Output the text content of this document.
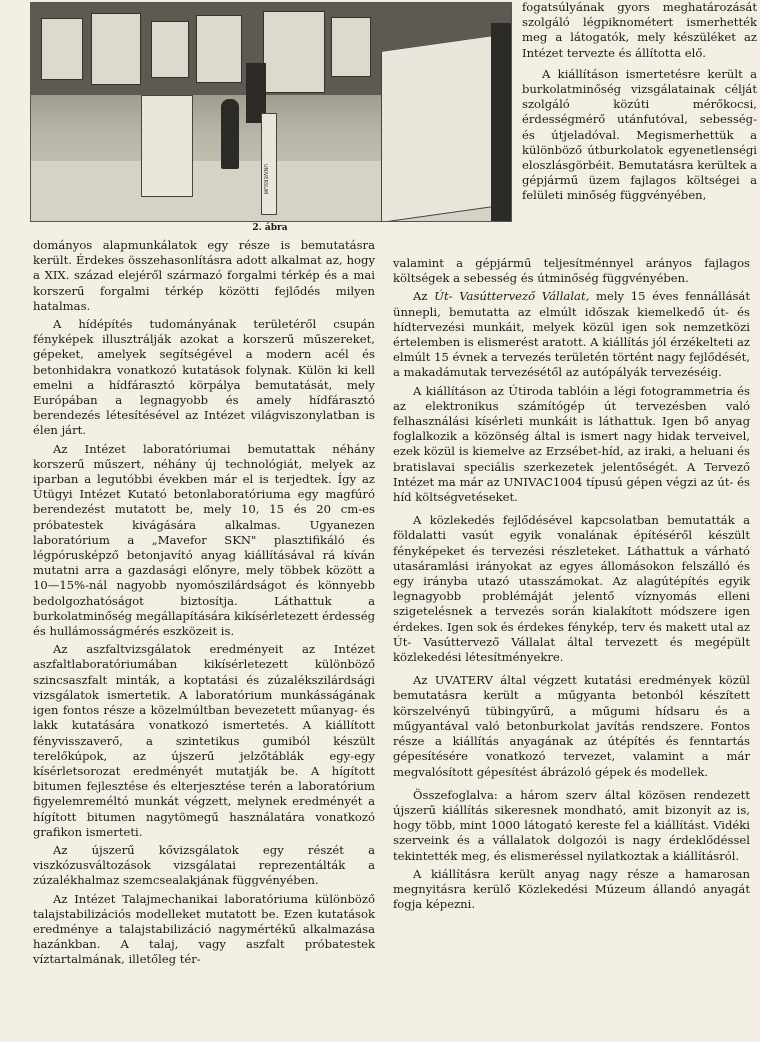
UNIVERSUM
2. ábra

fogatsúlyának gyors meghatározását szolgáló légpiknométert ismerhették meg a látogatók, mely készüléket az Intézet tervezte és állította elő.

A kiállításon ismertetésre került a burkolatminőség vizsgálatainak célját szolgáló közúti mérőkocsi, érdességmérő utánfutóval, sebesség- és útjeladóval. Megismerhettük a különböző útburkolatok egyenetlenségi eloszlásgörbéit. Bemutatásra kerültek a gépjármű üzem fajlagos költségei a felületi minőség függvényében,

dományos alapmunkálatok egy része is bemutatásra került. Érdekes összehasonlításra adott alkalmat az, hogy a XIX. század elejéről származó forgalmi térkép és a mai korszerű forgalmi térkép közötti fejlődés milyen hatalmas.

A hídépítés tudományának területéről csupán fényképek illusztrálják azokat a korszerű műszereket, gépeket, amelyek segítségével a modern acél és betonhidakra vonatkozó kutatások folynak. Külön ki kell emelni a hídfárasztó körpálya bemutatását, mely Európában a legnagyobb és amely hídfárasztó berendezés létesítésével az Intézet világviszonylatban is élen járt.

Az Intézet laboratóriumai bemutattak néhány korszerű műszert, néhány új technológiát, melyek az iparban a legutóbbi években már el is terjedtek. Így az Útügyi Intézet Kutató betonlaboratóriuma egy magfúró berendezést mutatott be, mely 10, 15 és 20 cm-es próbatestek kivágására alkalmas. Ugyanezen laboratórium a „Mavefor SKN" plasztifikáló és légpórusképző betonjavító anyag kiállításával rá kíván mutatni arra a gazdasági előnyre, mely többek között a 10—15%-nál nagyobb nyomószilárdságot és könnyebb bedolgozhatóságot biztosítja. Láthattuk a burkolatminőség megállapítására kikísérletezett érdesség és hullámosságmérés eszközeit is.

Az aszfaltvizsgálatok eredményeit az Intézet aszfaltlaboratóriumában kikísérletezett különböző szincsaszfalt minták, a koptatási és zúzalékszilárdsági vizsgálatok ismertetik. A laboratórium munkásságának igen fontos része a közelmúltban bevezetett műanyag- és lakk kutatására vonatkozó ismertetés. A kiállított fényvisszaverő, a szintetikus gumiból készült terelőkúpok, az újszerű jelzőtáblák egy-egy kísérletsorozat eredményét mutatják be. A hígított bitumen fejlesztése és elterjesztése terén a laboratórium figyelemreméltó munkát végzett, melynek eredményét a hígított bitumen nagytömegű használatára vonatkozó grafikon ismerteti.

Az újszerű kővizsgálatok egy részét a viszkózusváltozások vizsgálatai reprezentálták a zúzalékhalmaz szemcsealakjának függvényében.

Az Intézet Talajmechanikai laboratóriuma különböző talajstabilizációs modelleket mutatott be. Ezen kutatások eredménye a talajstabilizáció nagymértékű alkalmazása hazánkban. A talaj, vagy aszfalt próbatestek víztartalmának, illetőleg tér-

valamint a gépjármű teljesítménnyel arányos fajlagos költségek a sebesség és útminőség függvényében.

Az Út- Vasúttervező Vállalat, mely 15 éves fennállását ünnepli, bemutatta az elmúlt időszak kiemelkedő út- és hídtervezési munkáit, melyek közül igen sok nemzetközi értelemben is elismerést aratott. A kiállítás jól érzékelteti az elmúlt 15 évnek a tervezés területén történt nagy fejlődését, a makadámutak tervezésétől az autópályák tervezéséig.

A kiállításon az Útiroda tablóin a légi fotogrammetria és az elektronikus számítógép út tervezésben való felhasználási kísérleti munkáit is láthattuk. Igen bő anyag foglalkozik a közönség által is ismert nagy hidak terveivel, ezek közül is kiemelve az Erzsébet-híd, az iraki, a heluani és bratislavai speciális szerkezetek jelentőségét. A Tervező Intézet ma már az UNIVAC1004 típusú gépen végzi az út- és híd költségvetéseket.

A közlekedés fejlődésével kapcsolatban bemutatták a földalatti vasút egyik vonalának építéséről készült fényképeket és tervezési részleteket. Láthattuk a várható utasáramlási irányokat az egyes állomásokon felszálló és egy irányba utazó utasszámokat. Az alagútépítés egyik legnagyobb problémáját jelentő víznyomás elleni szigetelésnek a tervezés során kialakított módszere igen érdekes. Igen sok és érdekes fénykép, terv és makett utal az Út- Vasúttervező Vállalat által tervezett és megépült közlekedési létesítményekre.

Az UVATERV által végzett kutatási eredmények közül bemutatásra került a műgyanta betonból készített körszelvényű tübingyűrű, a műgumi hídsaru és a műgyantával való betonburkolat javítás rendszere. Fontos része a kiállítás anyagának az útépítés és fenntartás gépesítésére vonatkozó tervezet, valamint a már megvalósított gépesítést ábrázoló gépek és modellek.

Összefoglalva: a három szerv által közösen rendezett újszerű kiállítás sikeresnek mondható, amit bizonyít az is, hogy több, mint 1000 látogató kereste fel a kiállítást. Vidéki szerveink és a vállalatok dolgozói is nagy érdeklődéssel tekintették meg, és elismeréssel nyilatkoztak a kiállításról.

A kiállításra került anyag nagy része a hamarosan megnyitásra kerülő Közlekedési Múzeum állandó anyagát fogja képezni.
